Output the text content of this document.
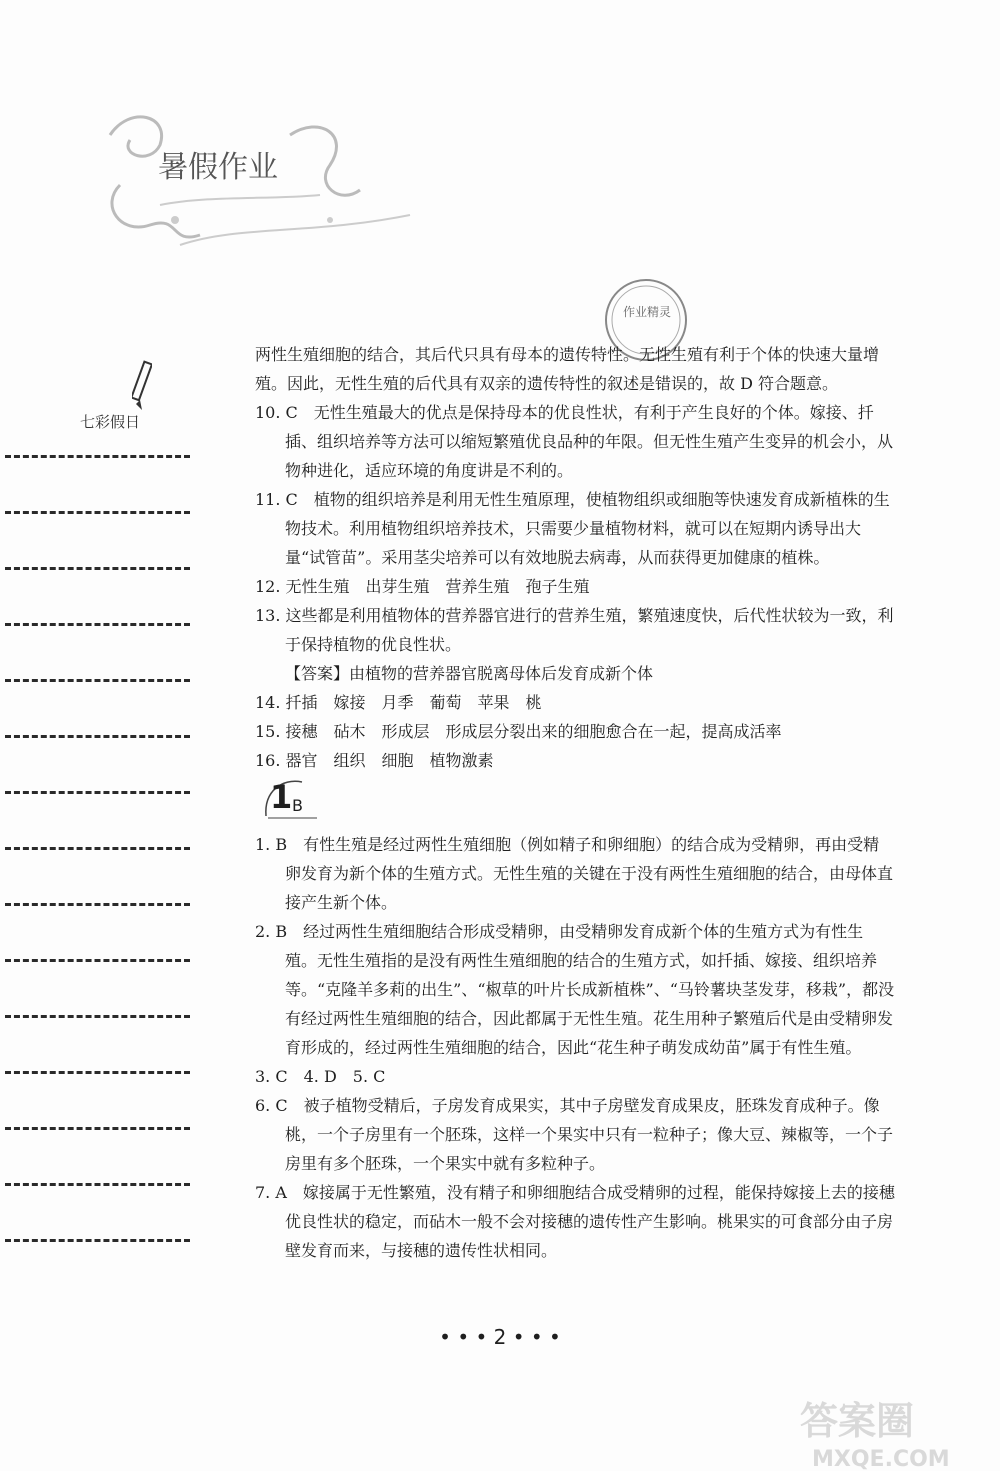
暑假作业
作业精灵
七彩假日

两性生殖细胞的结合，其后代只具有母本的遗传特性。无性生殖有利于个体的快速大量增殖。因此，无性生殖的后代具有双亲的遗传特性的叙述是错误的，故 D 符合题意。

10. C　无性生殖最大的优点是保持母本的优良性状，有利于产生良好的个体。嫁接、扦插、组织培养等方法可以缩短繁殖优良品种的年限。但无性生殖产生变异的机会小，从物种进化，适应环境的角度讲是不利的。

11. C　植物的组织培养是利用无性生殖原理，使植物组织或细胞等快速发育成新植株的生物技术。利用植物组织培养技术，只需要少量植物材料，就可以在短期内诱导出大量“试管苗”。采用茎尖培养可以有效地脱去病毒，从而获得更加健康的植株。

12. 无性生殖　出芽生殖　营养生殖　孢子生殖

13. 这些都是利用植物体的营养器官进行的营养生殖，繁殖速度快，后代性状较为一致，利于保持植物的优良性状。

【答案】由植物的营养器官脱离母体后发育成新个体

14. 扦插　嫁接　月季　葡萄　苹果　桃

15. 接穗　砧木　形成层　形成层分裂出来的细胞愈合在一起，提高成活率

16. 器官　组织　细胞　植物激素

1 B

1. B　有性生殖是经过两性生殖细胞（例如精子和卵细胞）的结合成为受精卵，再由受精卵发育为新个体的生殖方式。无性生殖的关键在于没有两性生殖细胞的结合，由母体直接产生新个体。

2. B　经过两性生殖细胞结合形成受精卵，由受精卵发育成新个体的生殖方式为有性生殖。无性生殖指的是没有两性生殖细胞的结合的生殖方式，如扦插、嫁接、组织培养等。“克隆羊多莉的出生”、“椒草的叶片长成新植株”、“马铃薯块茎发芽，移栽”，都没有经过两性生殖细胞的结合，因此都属于无性生殖。花生用种子繁殖后代是由受精卵发育形成的，经过两性生殖细胞的结合，因此“花生种子萌发成幼苗”属于有性生殖。

3. C　4. D　5. C

6. C　被子植物受精后，子房发育成果实，其中子房壁发育成果皮，胚珠发育成种子。像桃，一个子房里有一个胚珠，这样一个果实中只有一粒种子；像大豆、辣椒等，一个子房里有多个胚珠，一个果实中就有多粒种子。

7. A　嫁接属于无性繁殖，没有精子和卵细胞结合成受精卵的过程，能保持嫁接上去的接穗优良性状的稳定，而砧木一般不会对接穗的遗传性产生影响。桃果实的可食部分由子房壁发育而来，与接穗的遗传性状相同。

• • • 2 • • •
答案圈
MXQE.COM
